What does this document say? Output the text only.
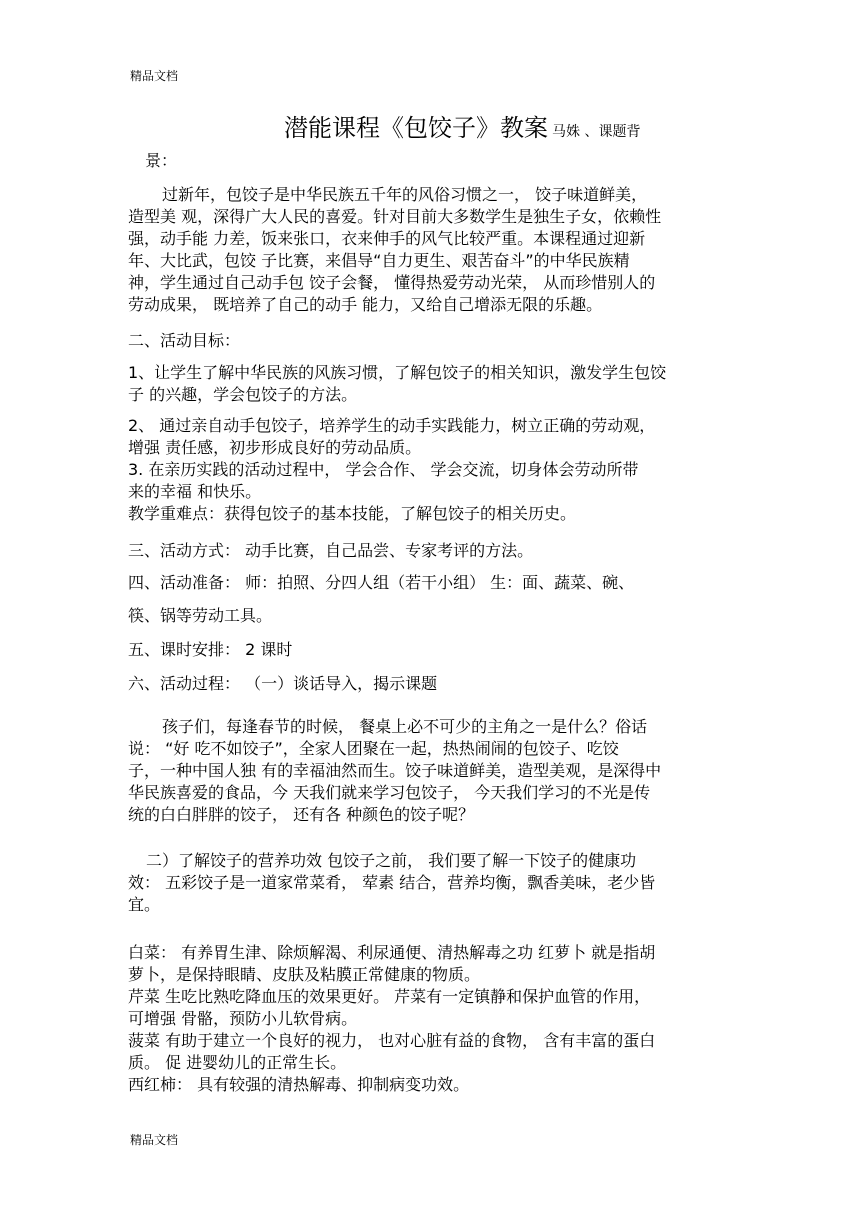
精品文档
潜能课程《包饺子》教案 马姝 、课题背
景：
过新年，包饺子是中华民族五千年的风俗习惯之一， 饺子味道鲜美，
造型美 观，深得广大人民的喜爱。针对目前大多数学生是独生子女，依赖性
强，动手能 力差，饭来张口，衣来伸手的风气比较严重。本课程通过迎新
年、大比武，包饺 子比赛，来倡导“自力更生、艰苦奋斗”的中华民族精
神，学生通过自己动手包 饺子会餐， 懂得热爱劳动光荣， 从而珍惜别人的
劳动成果， 既培养了自己的动手 能力，又给自己增添无限的乐趣。
二、活动目标：
1、让学生了解中华民族的风族习惯，了解包饺子的相关知识，激发学生包饺
子 的兴趣，学会包饺子的方法。
2、 通过亲自动手包饺子，培养学生的动手实践能力，树立正确的劳动观，
增强 责任感，初步形成良好的劳动品质。
3. 在亲历实践的活动过程中， 学会合作、 学会交流，切身体会劳动所带
来的幸福 和快乐。
教学重难点：获得包饺子的基本技能，了解包饺子的相关历史。
三、活动方式： 动手比赛，自己品尝、专家考评的方法。
四、活动准备： 师：拍照、分四人组（若干小组） 生：面、蔬菜、碗、
筷、锅等劳动工具。
五、课时安排： 2 课时
六、活动过程： （一）谈话导入，揭示课题
孩子们，每逢春节的时候， 餐桌上必不可少的主角之一是什么？俗话
说： “好 吃不如饺子”，全家人团聚在一起，热热闹闹的包饺子、吃饺
子，一种中国人独 有的幸福油然而生。饺子味道鲜美，造型美观，是深得中
华民族喜爱的食品，今 天我们就来学习包饺子， 今天我们学习的不光是传
统的白白胖胖的饺子， 还有各 种颜色的饺子呢？
二）了解饺子的营养功效 包饺子之前， 我们要了解一下饺子的健康功
效： 五彩饺子是一道家常菜肴， 荤素 结合，营养均衡，飘香美味，老少皆
宜。
白菜： 有养胃生津、除烦解渴、利尿通便、清热解毒之功 红萝卜 就是指胡
萝卜，是保持眼睛、皮肤及粘膜正常健康的物质。
芹菜 生吃比熟吃降血压的效果更好。 芹菜有一定镇静和保护血管的作用，
可增强 骨骼，预防小儿软骨病。
菠菜 有助于建立一个良好的视力， 也对心脏有益的食物， 含有丰富的蛋白
质。 促 进婴幼儿的正常生长。
西红柿： 具有较强的清热解毒、抑制病变功效。
精品文档
